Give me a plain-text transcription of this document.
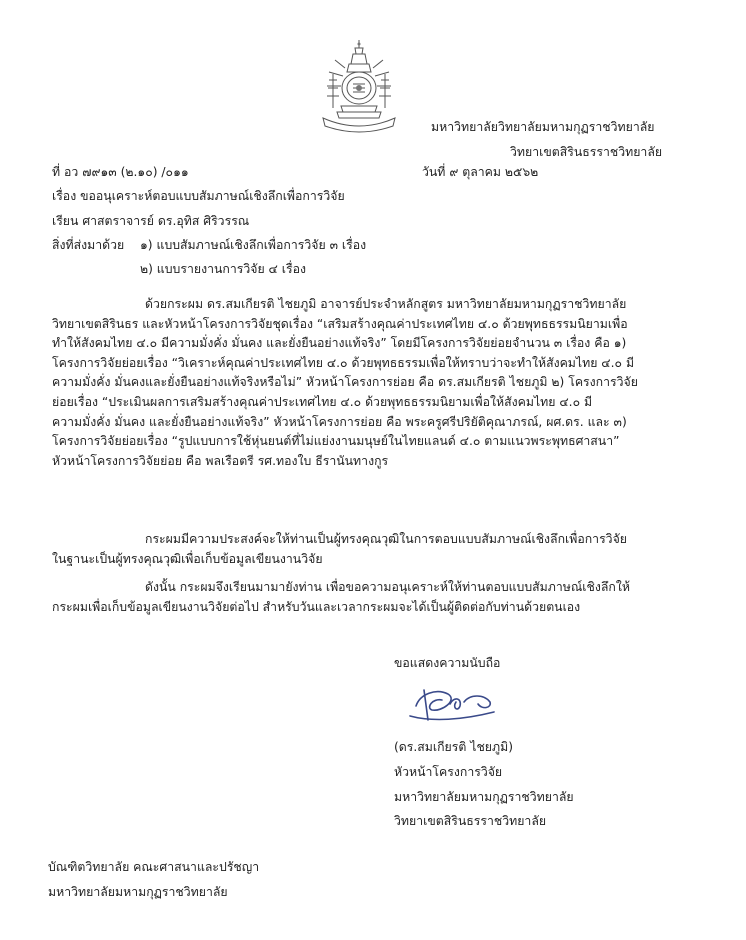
มหาวิทยาลัยวิทยาลัยมหามกุฏราชวิทยาลัย
วิทยาเขตสิรินธรราชวิทยาลัย
ที่ อว ๗๙๑๓ (๒.๑๐) /๐๑๑	วันที่ ๙ ตุลาคม ๒๕๖๒
เรื่อง ขออนุเคราะห์ตอบแบบสัมภาษณ์เชิงลึกเพื่อการวิจัย
เรียน ศาสตราจารย์ ดร.อุทิส ศิริวรรณ
สิ่งที่ส่งมาด้วย ๑) แบบสัมภาษณ์เชิงลึกเพื่อการวิจัย ๓ เรื่อง
๒) แบบรายงานการวิจัย ๔ เรื่อง
ด้วยกระผม ดร.สมเกียรติ ไชยภูมิ อาจารย์ประจำหลักสูตร มหาวิทยาลัยมหามกุฏราชวิทยาลัย
วิทยาเขตสิรินธร และหัวหน้าโครงการวิจัยชุดเรื่อง “เสริมสร้างคุณค่าประเทศไทย ๔.๐ ด้วยพุทธธรรมนิยามเพื่อ
ทำให้สังคมไทย ๔.๐ มีความมั่งคั่ง มั่นคง และยั่งยืนอย่างแท้จริง” โดยมีโครงการวิจัยย่อยจำนวน ๓ เรื่อง คือ ๑)
โครงการวิจัยย่อยเรื่อง “วิเคราะห์คุณค่าประเทศไทย ๔.๐ ด้วยพุทธธรรมเพื่อให้ทราบว่าจะทำให้สังคมไทย ๔.๐ มี
ความมั่งคั่ง มั่นคงและยั่งยืนอย่างแท้จริงหรือไม่” หัวหน้าโครงการย่อย คือ ดร.สมเกียรติ ไชยภูมิ ๒) โครงการวิจัย
ย่อยเรื่อง “ประเมินผลการเสริมสร้างคุณค่าประเทศไทย ๔.๐ ด้วยพุทธธรรมนิยามเพื่อให้สังคมไทย ๔.๐ มี
ความมั่งคั่ง มั่นคง และยั่งยืนอย่างแท้จริง” หัวหน้าโครงการย่อย คือ พระครูศรีปริยัติคุณาภรณ์, ผศ.ดร. และ ๓)
โครงการวิจัยย่อยเรื่อง “รูปแบบการใช้หุ่นยนต์ที่ไม่แย่งงานมนุษย์ในไทยแลนด์ ๔.๐ ตามแนวพระพุทธศาสนา”
หัวหน้าโครงการวิจัยย่อย คือ พลเรือตรี รศ.ทองใบ ธีรานันทางกูร
กระผมมีความประสงค์จะให้ท่านเป็นผู้ทรงคุณวุฒิในการตอบแบบสัมภาษณ์เชิงลึกเพื่อการวิจัย
ในฐานะเป็นผู้ทรงคุณวุฒิเพื่อเก็บข้อมูลเขียนงานวิจัย
ดังนั้น กระผมจึงเรียนมามายังท่าน เพื่อขอความอนุเคราะห์ให้ท่านตอบแบบสัมภาษณ์เชิงลึกให้
กระผมเพื่อเก็บข้อมูลเขียนงานวิจัยต่อไป สำหรับวันและเวลากระผมจะได้เป็นผู้ติดต่อกับท่านด้วยตนเอง
ขอแสดงความนับถือ
(ดร.สมเกียรติ ไชยภูมิ)
หัวหน้าโครงการวิจัย
มหาวิทยาลัยมหามกุฏราชวิทยาลัย
วิทยาเขตสิรินธรราชวิทยาลัย
บัณฑิตวิทยาลัย คณะศาสนาและปรัชญา
มหาวิทยาลัยมหามกุฏราชวิทยาลัย
